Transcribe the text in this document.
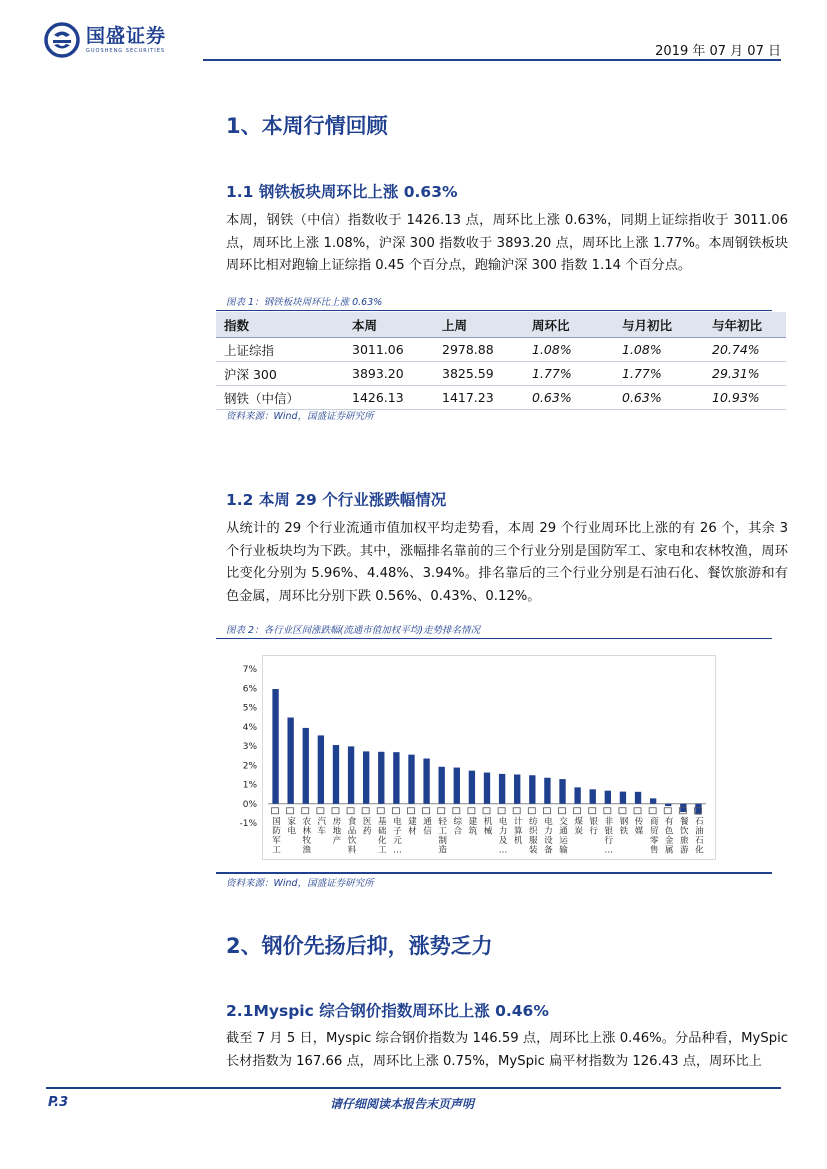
国盛证券
GUOSHENG SECURITIES	2019 年 07 月 07 日
1、本周行情回顾
1.1 钢铁板块周环比上涨 0.63%
本周，钢铁（中信）指数收于 1426.13 点，周环比上涨 0.63%，同期上证综指收于 3011.06 点，周环比上涨 1.08%，沪深 300 指数收于 3893.20 点，周环比上涨 1.77%。本周钢铁板块周环比相对跑输上证综指 0.45 个百分点，跑输沪深 300 指数 1.14 个百分点。
图表 1：钢铁板块周环比上涨 0.63%
指数	本周	上周	周环比	与月初比	与年初比
上证综指	3011.06	2978.88	1.08%	1.08%	20.74%
沪深 300	3893.20	3825.59	1.77%	1.77%	29.31%
钢铁（中信）	1426.13	1417.23	0.63%	0.63%	10.93%
资料来源：Wind，国盛证券研究所
1.2 本周 29 个行业涨跌幅情况
从统计的 29 个行业流通市值加权平均走势看，本周 29 个行业周环比上涨的有 26 个，其余 3 个行业板块均为下跌。其中，涨幅排名靠前的三个行业分别是国防军工、家电和农林牧渔，周环比变化分别为 5.96%、4.48%、3.94%。排名靠后的三个行业分别是石油石化、餐饮旅游和有色金属，周环比分别下跌 0.56%、0.43%、0.12%。
图表 2：各行业区间涨跌幅(流通市值加权平均)走势排名情况
7%
6%
5%
4%
3%
2%
1%
0%
-1% 国防军工
家电
农林牧渔
汽车
房地产
食品饮料
医药
基础化工
电子元…
建材
通信
轻工制造
综合
建筑
机械
电力及…
计算机
纺织服装
电力设备
交通运输
煤炭
银行
非银行…
钢铁
传媒
商贸零售
有色金属
餐饮旅游
石油石化
资料来源：Wind，国盛证券研究所
2、钢价先扬后抑，涨势乏力
2.1Myspic 综合钢价指数周环比上涨 0.46%
截至 7 月 5 日，Myspic 综合钢价指数为 146.59 点，周环比上涨 0.46%。分品种看，MySpic 长材指数为 167.66 点，周环比上涨 0.75%，MySpic 扁平材指数为 126.43 点，周环比上
P.3	请仔细阅读本报告末页声明
